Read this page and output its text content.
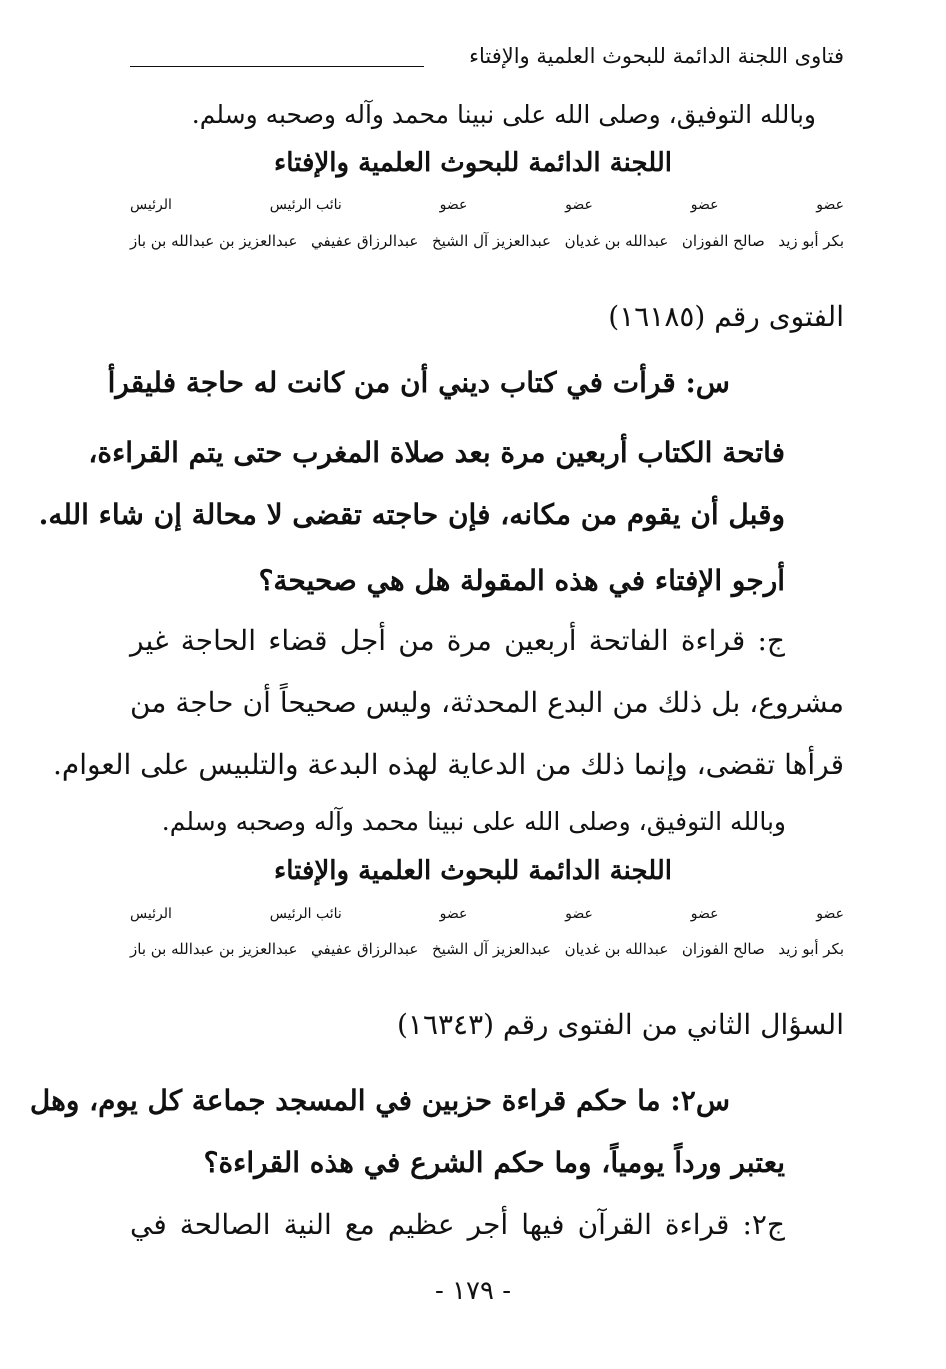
فتاوى اللجنة الدائمة للبحوث العلمية والإفتاء
وبالله التوفيق، وصلى الله على نبينا محمد وآله وصحبه وسلم.
اللجنة الدائمة للبحوث العلمية والإفتاء
عضو
عضو
عضو
عضو
نائب الرئيس
الرئيس
بكر أبو زيد
صالح الفوزان
عبدالله بن غديان
عبدالعزيز آل الشيخ
عبدالرزاق عفيفي
عبدالعزيز بن عبدالله بن باز
الفتوى رقم (١٦١٨٥)
س: قرأت في كتاب ديني أن من كانت له حاجة فليقرأ
فاتحة الكتاب أربعين مرة بعد صلاة المغرب حتى يتم القراءة،
وقبل أن يقوم من مكانه، فإن حاجته تقضى لا محالة إن شاء الله.
أرجو الإفتاء في هذه المقولة هل هي صحيحة؟
ج: قراءة الفاتحة أربعين مرة من أجل قضاء الحاجة غير
مشروع، بل ذلك من البدع المحدثة، وليس صحيحاً أن حاجة من
قرأها تقضى، وإنما ذلك من الدعاية لهذه البدعة والتلبيس على العوام.
وبالله التوفيق، وصلى الله على نبينا محمد وآله وصحبه وسلم.
اللجنة الدائمة للبحوث العلمية والإفتاء
عضو
عضو
عضو
عضو
نائب الرئيس
الرئيس
بكر أبو زيد
صالح الفوزان
عبدالله بن غديان
عبدالعزيز آل الشيخ
عبدالرزاق عفيفي
عبدالعزيز بن عبدالله بن باز
السؤال الثاني من الفتوى رقم (١٦٣٤٣)
س٢: ما حكم قراءة حزبين في المسجد جماعة كل يوم، وهل
يعتبر ورداً يومياً، وما حكم الشرع في هذه القراءة؟
ج٢: قراءة القرآن فيها أجر عظيم مع النية الصالحة في
- ١٧٩ -
